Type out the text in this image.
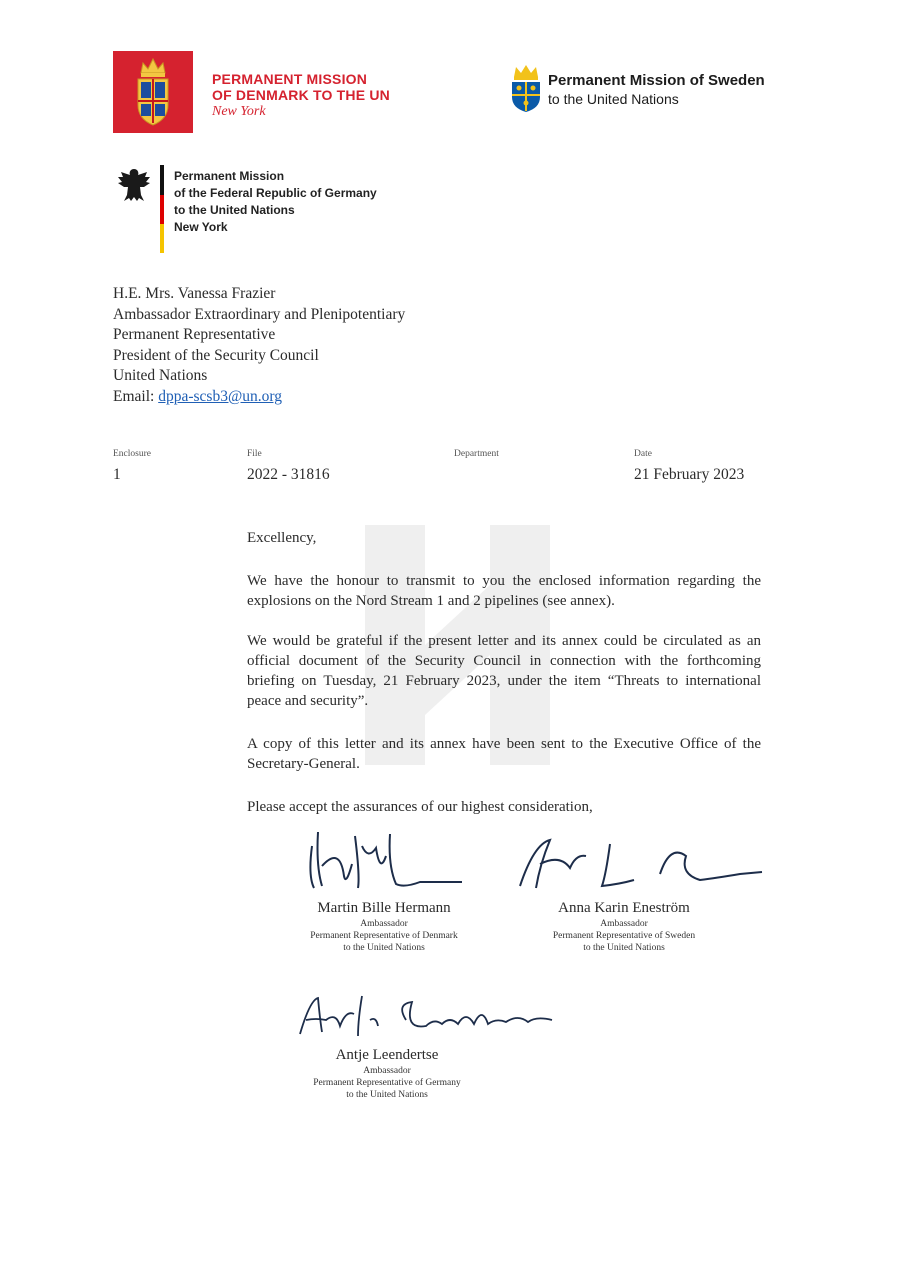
PERMANENT MISSION
OF DENMARK TO THE UN
New York
Permanent Mission of Sweden
to the United Nations
Permanent Mission
of the Federal Republic of Germany
to the United Nations
New York
H.E. Mrs. Vanessa Frazier
Ambassador Extraordinary and Plenipotentiary
Permanent Representative
President of the Security Council
United Nations
Email: dppa-scsb3@un.org
Enclosure
1
File
2022 - 31816
Department	Date
21 February 2023
Excellency,
We have the honour to transmit to you the enclosed information regarding the explosions on the Nord Stream 1 and 2 pipelines (see annex).
We would be grateful if the present letter and its annex could be circulated as an official document of the Security Council in connection with the forthcoming briefing on Tuesday, 21 February 2023, under the item “Threats to international peace and security”.
A copy of this letter and its annex have been sent to the Executive Office of the Secretary-General.
Please accept the assurances of our highest consideration,
Martin Bille Hermann
Ambassador
Permanent Representative of Denmark
to the United Nations
Anna Karin Eneström
Ambassador
Permanent Representative of Sweden
to the United Nations
Antje Leendertse
Ambassador
Permanent Representative of Germany
to the United Nations
